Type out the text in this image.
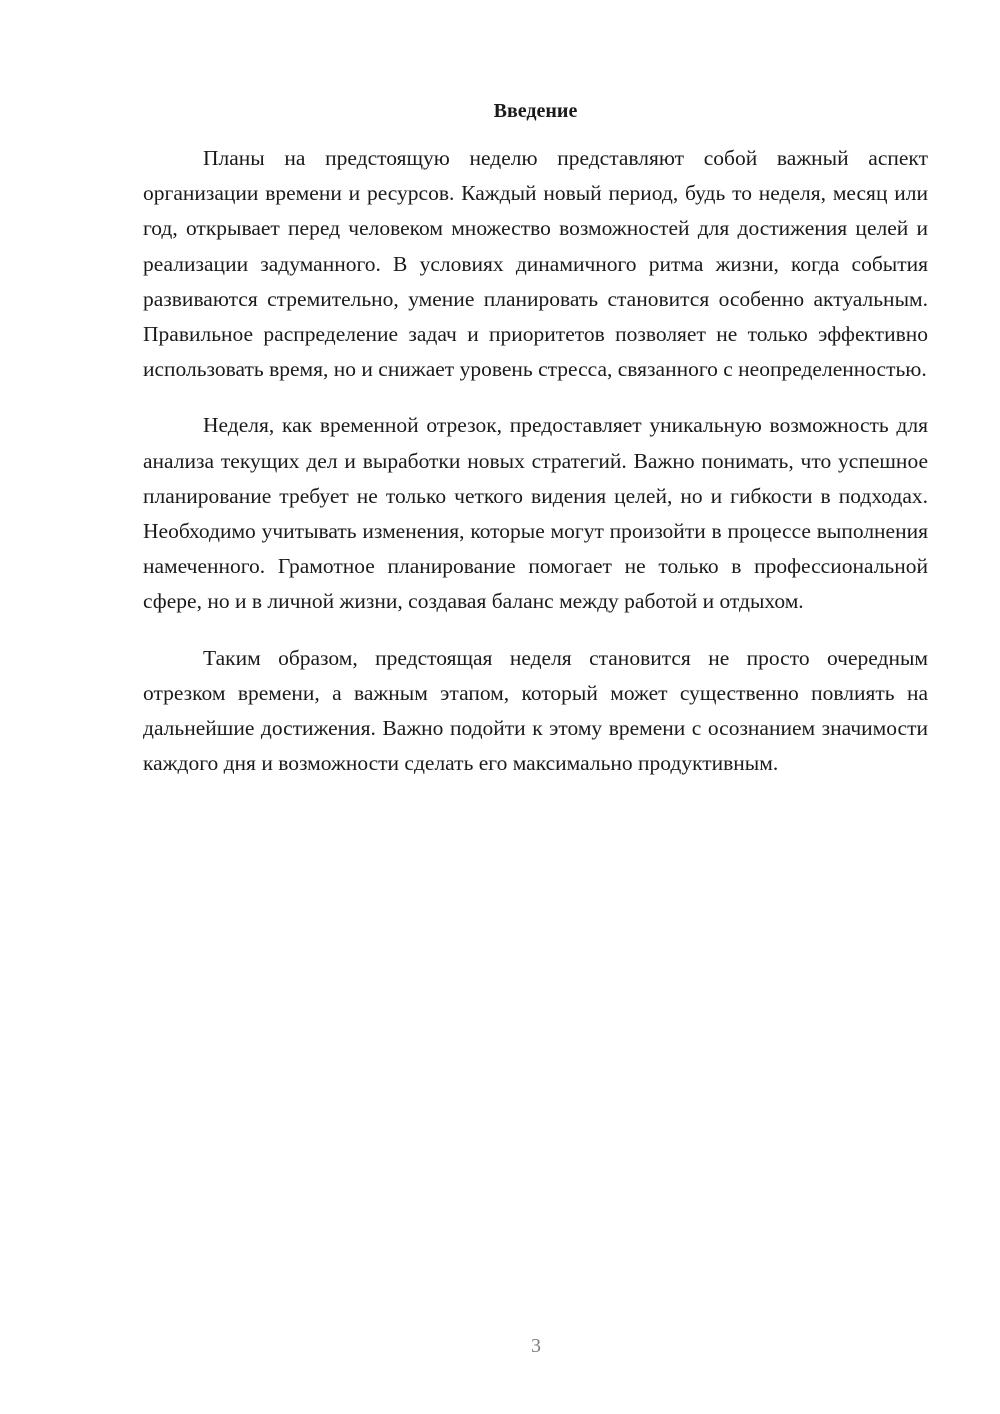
Введение

Планы на предстоящую неделю представляют собой важный аспект организации времени и ресурсов. Каждый новый период, будь то неделя, месяц или год, открывает перед человеком множество возможностей для достижения целей и реализации задуманного. В условиях динамичного ритма жизни, когда события развиваются стремительно, умение планировать становится особенно актуальным. Правильное распределение задач и приоритетов позволяет не только эффективно использовать время, но и снижает уровень стресса, связанного с неопределенностью.

Неделя, как временной отрезок, предоставляет уникальную возможность для анализа текущих дел и выработки новых стратегий. Важно понимать, что успешное планирование требует не только четкого видения целей, но и гибкости в подходах. Необходимо учитывать изменения, которые могут произойти в процессе выполнения намеченного. Грамотное планирование помогает не только в профессиональной сфере, но и в личной жизни, создавая баланс между работой и отдыхом.

Таким образом, предстоящая неделя становится не просто очередным отрезком времени, а важным этапом, который может существенно повлиять на дальнейшие достижения. Важно подойти к этому времени с осознанием значимости каждого дня и возможности сделать его максимально продуктивным.

3
